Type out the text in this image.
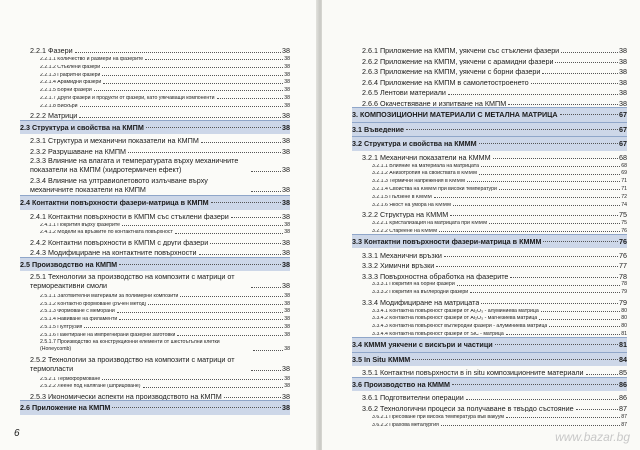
2.2.1 Фазери	38
2.2.1.1 Количество и размери на фазерите	38
2.2.1.2 Стъклени фазери	38
2.2.1.3 Графитни фазери	38
2.2.1.4 Арамидни фазери	38
2.2.1.5 Борни фазери	38
2.2.1.7 Други фазери и продукти от фазери, като уякчаващи компоненти	38
2.2.1.8 Вискъри	38
2.2.2 Матрици	38
2.3 Структура и свойства на КМПМ	38
2.3.1 Структура и механични показатели на КМПМ	38
2.3.2 Разрушаване на КМПМ	38
2.3.3 Влияние на влагата и температурата върху механичните показатели на КМПМ (хидротермичен ефект)	38
2.3.4 Влияние на ултравиолетовото излъчване върху механичните показатели на КМПМ	38
2.4 Контактни повърхности фазери-матрица в КМПМ	38
2.4.1 Контактни повърхности в КМПМ със стъклени фазери	38
2.4.1.1 Покрития върху фазерите	38
2.4.1.2 Модели на връзките по контактната повърхност	38
2.4.2 Контактни повърхности в КМПМ с други фазери	38
2.4.3 Модифициране на контактните повърхности	38
2.5 Производство на КМПМ	38
2.5.1 Технологии за производство на композити с матрици от термореактивни смоли	38
2.5.1.1 Заготвителни материали за полимерни композити	38
2.5.1.2 Контактно формоване (ръчен метод)	38
2.5.1.3 Формоване с мембрани	38
2.5.1.4 Навиване на филаменти	38
2.5.1.5 Пултрузия	38
2.5.1.6 Пакетиране на импрегнирани фазерни заготовки	38
2.5.1.7 Производство на конструкционни елементи от шестоъгълни клетки (Honeycomb)	38
2.5.2 Технологии за производство на композити с матрици от термопласти	38
2.5.2.1 Термоформоване	38
2.5.2.2 Леене под налягане (шприцоване)	38
2.5.3 Икономически аспекти на производството на КМПМ	38
2.6 Приложение на КМПМ	38
6
2.6.1 Приложение на КМПМ, уякчени със стъклени фазери	38
2.6.2 Приложение на КМПМ, уякчени с арамидни фазери	38
2.6.3 Приложение на КМПМ, уякчени с борни фазери	38
2.6.4 Приложение на КМПМ в самолетостроенето	38
2.6.5 Лентови материали	38
2.6.6 Окачествяване и изпитване на КМПМ	38
3. КОМПОЗИЦИОННИ МАТЕРИАЛИ С МЕТАЛНА МАТРИЦА	67
3.1 Въведение	67
3.2 Структура и свойства на КММM	67
3.2.1 Механични показатели на КММM	68
3.2.1.1 Влияние на материала на матрицата	68
3.2.1.2 Анизотропия на свойствата в КММM	69
3.2.1.3 Термични напрежения в КММM	71
3.2.1.4 Свойства на КММM при високи температури	71
3.2.1.5 Пълзене в КММM	72
3.2.1.6 Якост на умора на КММM	74
3.2.2 Структура на КММM	75
3.2.2.1 Кристализация на матрицата при КММM	75
3.2.2.2 Стареене на КММM	76
3.3 Контактни повърхности фазери-матрица в КММM	76
3.3.1 Механични връзки	76
3.3.2 Химични връзки	77
3.3.3 Повърхностна обработка на фазерите	78
3.3.3.1 Покрития на борни фазери	78
3.3.3.2 Покрития на въглеродни фазери	79
3.3.4 Модифициране на матрицата	79
3.3.4.1 Контактна повърхност фазери от Al₂O₃ - алуминиева матрица	80
3.3.4.2 Контактна повърхност фазери от Al₂O₃ - магнезиева матрица	80
3.3.4.3 Контактна повърхност въглеродни фазери - алуминиева матрица	80
3.3.4.4 Контактна повърхност фазери от SiC - матрица	81
3.4 КММM уякчени с вискъри и частици	81
3.5 In Situ КММM	84
3.5.1 Контактни повърхности в in situ композиционните материали	85
3.6 Производство на КММM	86
3.6.1 Подготвителни операции	86
3.6.2 Технологични процеси за получаване в твърдо състояние	87
3.6.2.1 Пресоване при висока температура във вакуум	87
3.6.2.2 Прахова металургия	87
www.bazar.bg
